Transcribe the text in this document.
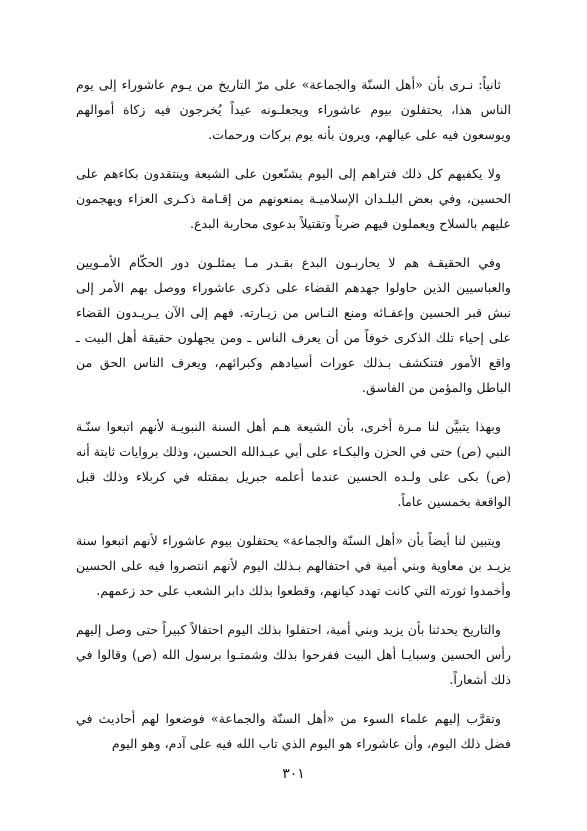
ثانياً: نـرى بأن «أهل السنّة والجماعة» على مرّ التاريخ من يـوم عاشوراء إلى يوم الناس هذا، يحتفلون بيوم عاشوراء ويجعلـونه عيداً يُخرجون فيه زكاة أموالهم ويوسعون فيه على عيالهم، ويرون بأنه يوم بركات ورحمات.

ولا يكفيهم كل ذلك فتراهم إلى اليوم يشنّعون على الشيعة وينتقدون بكاءهم على الحسين، وفي بعض البلـدان الإسلاميـة يمنعونهم من إقـامة ذكـرى العزاء ويهجمون عليهم بالسلاح ويعملون فيهم ضرباً وتقتيلاً بدعوى محاربة البدع.

وفي الحقيقـة هم لا يحاربـون البدع بقـدر مـا يمثلـون دور الحكّام الأمـويين والعباسيين الذين حاولوا جهدهم القضاء على ذكرى عاشوراء ووصل بهم الأمر إلى نبش قبر الحسين وإعفـائه ومنع النـاس من زيـارته. فهم إلى الآن يـريـدون القضاء على إحياء تلك الذكرى خوفاً من أن يعرف الناس ـ ومن يجهلون حقيقة أهل البيت ـ واقع الأمور فتنكشف بـذلك عورات أسيادهم وكبرائهم، ويعرف الناس الحق من الباطل والمؤمن من الفاسق.

وبهذا يتبيَّن لنا مـرة أخرى، بأن الشيعة هـم أهل السنة النبويـة لأنهم اتبعوا سنّـة النبي (ص) حتى في الحزن والبكـاء على أبي عبـدالله الحسين، وذلك بروايات ثابتة أنه (ص) بكى على ولـده الحسين عندما أعلمه جبريل بمقتله في كربلاء وذلك قبل الواقعة بخمسين عاماً.

ويتبين لنا أيضاً بأن «أهل السنّة والجماعة» يحتفلون بيوم عاشوراء لأنهم اتبعوا سنة يزيـد بن معاوية وبني أمية في احتفالهم بـذلك اليوم لأنهم انتصروا فيه على الحسين وأخمدوا ثورته التي كانت تهدد كيانهم، وقطعوا بذلك دابر الشعب على حد زعمهم.

والتاريخ يحدثنا بأن يزيد وبني أمية، احتفلوا بذلك اليوم احتفالاً كبيراً حتى وصل إليهم رأس الحسين وسبايـا أهل البيت ففرحوا بذلك وشمتـوا برسول الله (ص) وقالوا في ذلك أشعاراً.

وتقرَّب إليهم علماء السوء من «أهل السنّة والجماعة» فوضعوا لهم أحاديث في فضل ذلك اليوم، وأن عاشوراء هو اليوم الذي تاب الله فيه على آدم، وهو اليوم

٣٠١
